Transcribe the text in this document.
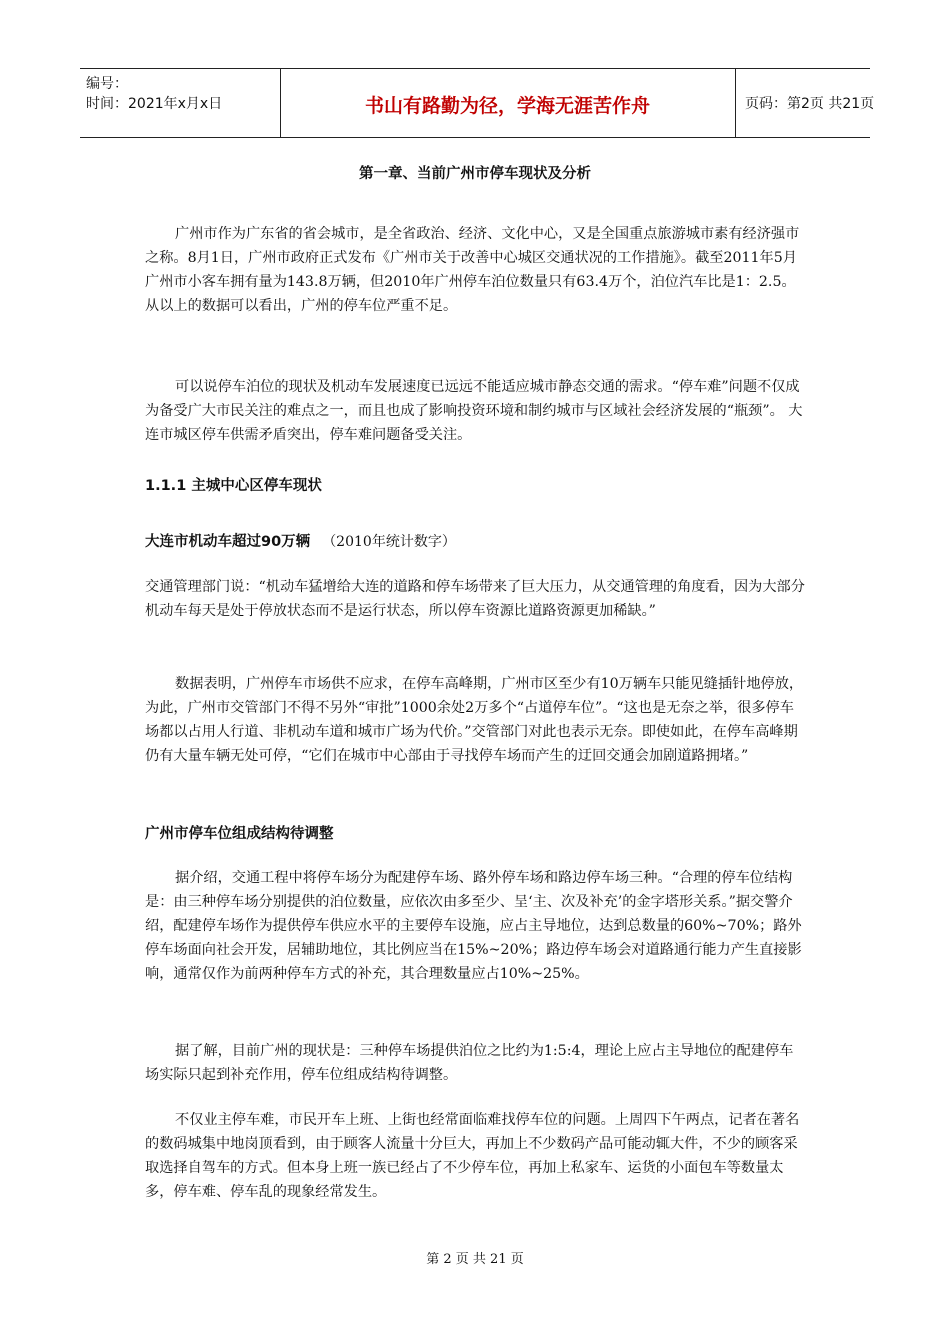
编号：
时间：2021年x月x日	书山有路勤为径，学海无涯苦作舟	页码：第2页 共21页
第一章、当前广州市停车现状及分析

广州市作为广东省的省会城市，是全省政治、经济、文化中心，又是全国重点旅游城市素有经济强市之称。8月1日，广州市政府正式发布《广州市关于改善中心城区交通状况的工作措施》。截至2011年5月广州市小客车拥有量为143.8万辆，但2010年广州停车泊位数量只有63.4万个，泊位汽车比是1：2.5。从以上的数据可以看出，广州的停车位严重不足。

可以说停车泊位的现状及机动车发展速度已远远不能适应城市静态交通的需求。“停车难”问题不仅成为备受广大市民关注的难点之一，而且也成了影响投资环境和制约城市与区域社会经济发展的“瓶颈”。 大连市城区停车供需矛盾突出，停车难问题备受关注。

1.1.1 主城中心区停车现状
大连市机动车超过90万辆 （2010年统计数字）

交通管理部门说：“机动车猛增给大连的道路和停车场带来了巨大压力，从交通管理的角度看，因为大部分机动车每天是处于停放状态而不是运行状态，所以停车资源比道路资源更加稀缺。”

数据表明，广州停车市场供不应求，在停车高峰期，广州市区至少有10万辆车只能见缝插针地停放，为此，广州市交管部门不得不另外“审批”1000余处2万多个“占道停车位”。“这也是无奈之举，很多停车场都以占用人行道、非机动车道和城市广场为代价。”交管部门对此也表示无奈。即使如此，在停车高峰期仍有大量车辆无处可停，“它们在城市中心部由于寻找停车场而产生的迂回交通会加剧道路拥堵。”

广州市停车位组成结构待调整

据介绍，交通工程中将停车场分为配建停车场、路外停车场和路边停车场三种。“合理的停车位结构是：由三种停车场分别提供的泊位数量，应依次由多至少、呈‘主、次及补充’的金字塔形关系。”据交警介绍，配建停车场作为提供停车供应水平的主要停车设施，应占主导地位，达到总数量的60%~70%；路外停车场面向社会开发，居辅助地位，其比例应当在15%~20%；路边停车场会对道路通行能力产生直接影响，通常仅作为前两种停车方式的补充，其合理数量应占10%~25%。

据了解，目前广州的现状是：三种停车场提供泊位之比约为1:5:4，理论上应占主导地位的配建停车场实际只起到补充作用，停车位组成结构待调整。

不仅业主停车难，市民开车上班、上街也经常面临难找停车位的问题。上周四下午两点，记者在著名的数码城集中地岗顶看到，由于顾客人流量十分巨大，再加上不少数码产品可能动辄大件，不少的顾客采取选择自驾车的方式。但本身上班一族已经占了不少停车位，再加上私家车、运货的小面包车等数量太多，停车难、停车乱的现象经常发生。

第 2 页 共 21 页
